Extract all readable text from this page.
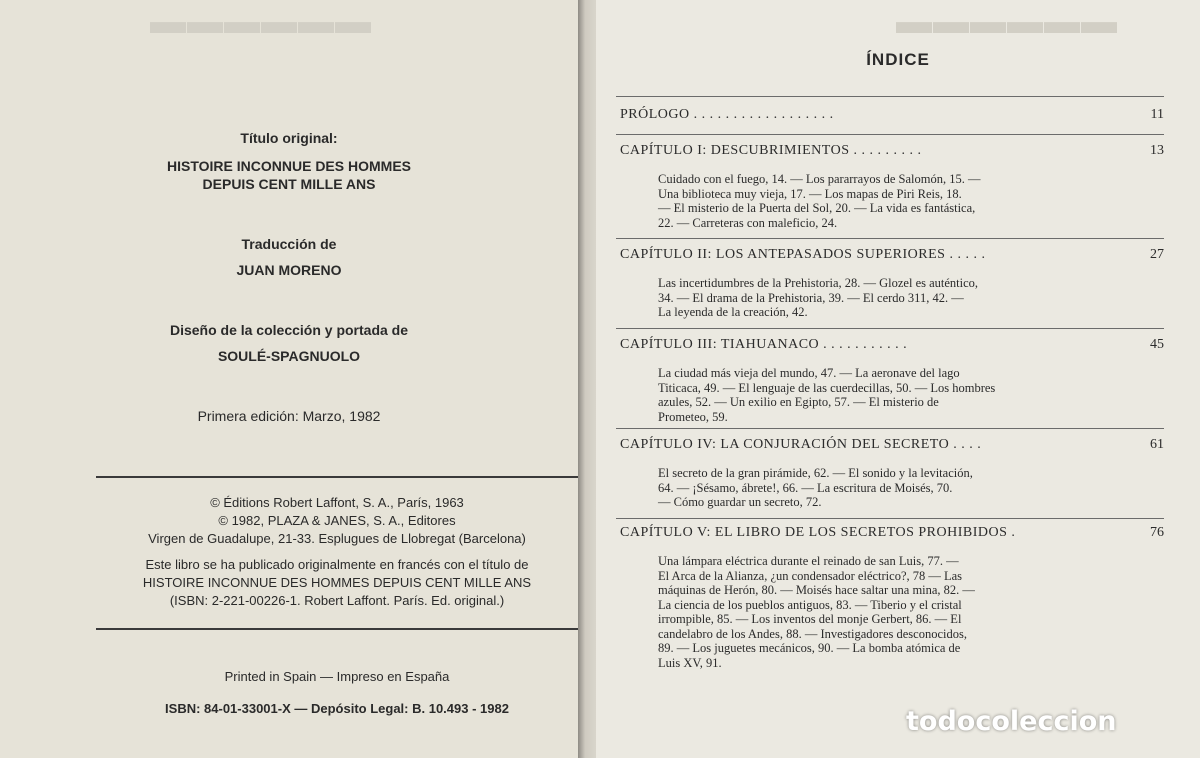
▬▬▬▬▬▬
Título original:
HISTOIRE INCONNUE DES HOMMES
DEPUIS CENT MILLE ANS
Traducción de
JUAN MORENO
Diseño de la colección y portada de
SOULÉ-SPAGNUOLO
Primera edición: Marzo, 1982
© Éditions Robert Laffont, S. A., París, 1963
© 1982, PLAZA & JANES, S. A., Editores
Virgen de Guadalupe, 21-33. Esplugues de Llobregat (Barcelona)
Este libro se ha publicado originalmente en francés con el título de
HISTOIRE INCONNUE DES HOMMES DEPUIS CENT MILLE ANS
(ISBN: 2-221-00226-1. Robert Laffont. París. Ed. original.)
Printed in Spain — Impreso en España
ISBN: 84-01-33001-X — Depósito Legal: B. 10.493 - 1982
▬▬▬▬▬▬
ÍNDICE
PRÓLOGO . . . . . . . . . . . . . . . . . .	11
CAPÍTULO I: DESCUBRIMIENTOS . . . . . . . . .	13
Cuidado con el fuego, 14. — Los pararrayos de Salomón, 15. —
Una biblioteca muy vieja, 17. — Los mapas de Piri Reis, 18.
— El misterio de la Puerta del Sol, 20. — La vida es fantástica,
22. — Carreteras con maleficio, 24.
CAPÍTULO II: LOS ANTEPASADOS SUPERIORES . . . . .	27
Las incertidumbres de la Prehistoria, 28. — Glozel es auténtico,
34. — El drama de la Prehistoria, 39. — El cerdo 311, 42. —
La leyenda de la creación, 42.
CAPÍTULO III: TIAHUANACO . . . . . . . . . . .	45
La ciudad más vieja del mundo, 47. — La aeronave del lago
Titicaca, 49. — El lenguaje de las cuerdecillas, 50. — Los hombres
azules, 52. — Un exilio en Egipto, 57. — El misterio de
Prometeo, 59.
CAPÍTULO IV: LA CONJURACIÓN DEL SECRETO . . . .	61
El secreto de la gran pirámide, 62. — El sonido y la levitación,
64. — ¡Sésamo, ábrete!, 66. — La escritura de Moisés, 70.
— Cómo guardar un secreto, 72.
CAPÍTULO V: EL LIBRO DE LOS SECRETOS PROHIBIDOS .	76
Una lámpara eléctrica durante el reinado de san Luis, 77. —
El Arca de la Alianza, ¿un condensador eléctrico?, 78 — Las
máquinas de Herón, 80. — Moisés hace saltar una mina, 82. —
La ciencia de los pueblos antiguos, 83. — Tiberio y el cristal
irrompible, 85. — Los inventos del monje Gerbert, 86. — El
candelabro de los Andes, 88. — Investigadores desconocidos,
89. — Los juguetes mecánicos, 90. — La bomba atómica de
Luis XV, 91.
todocoleccion
